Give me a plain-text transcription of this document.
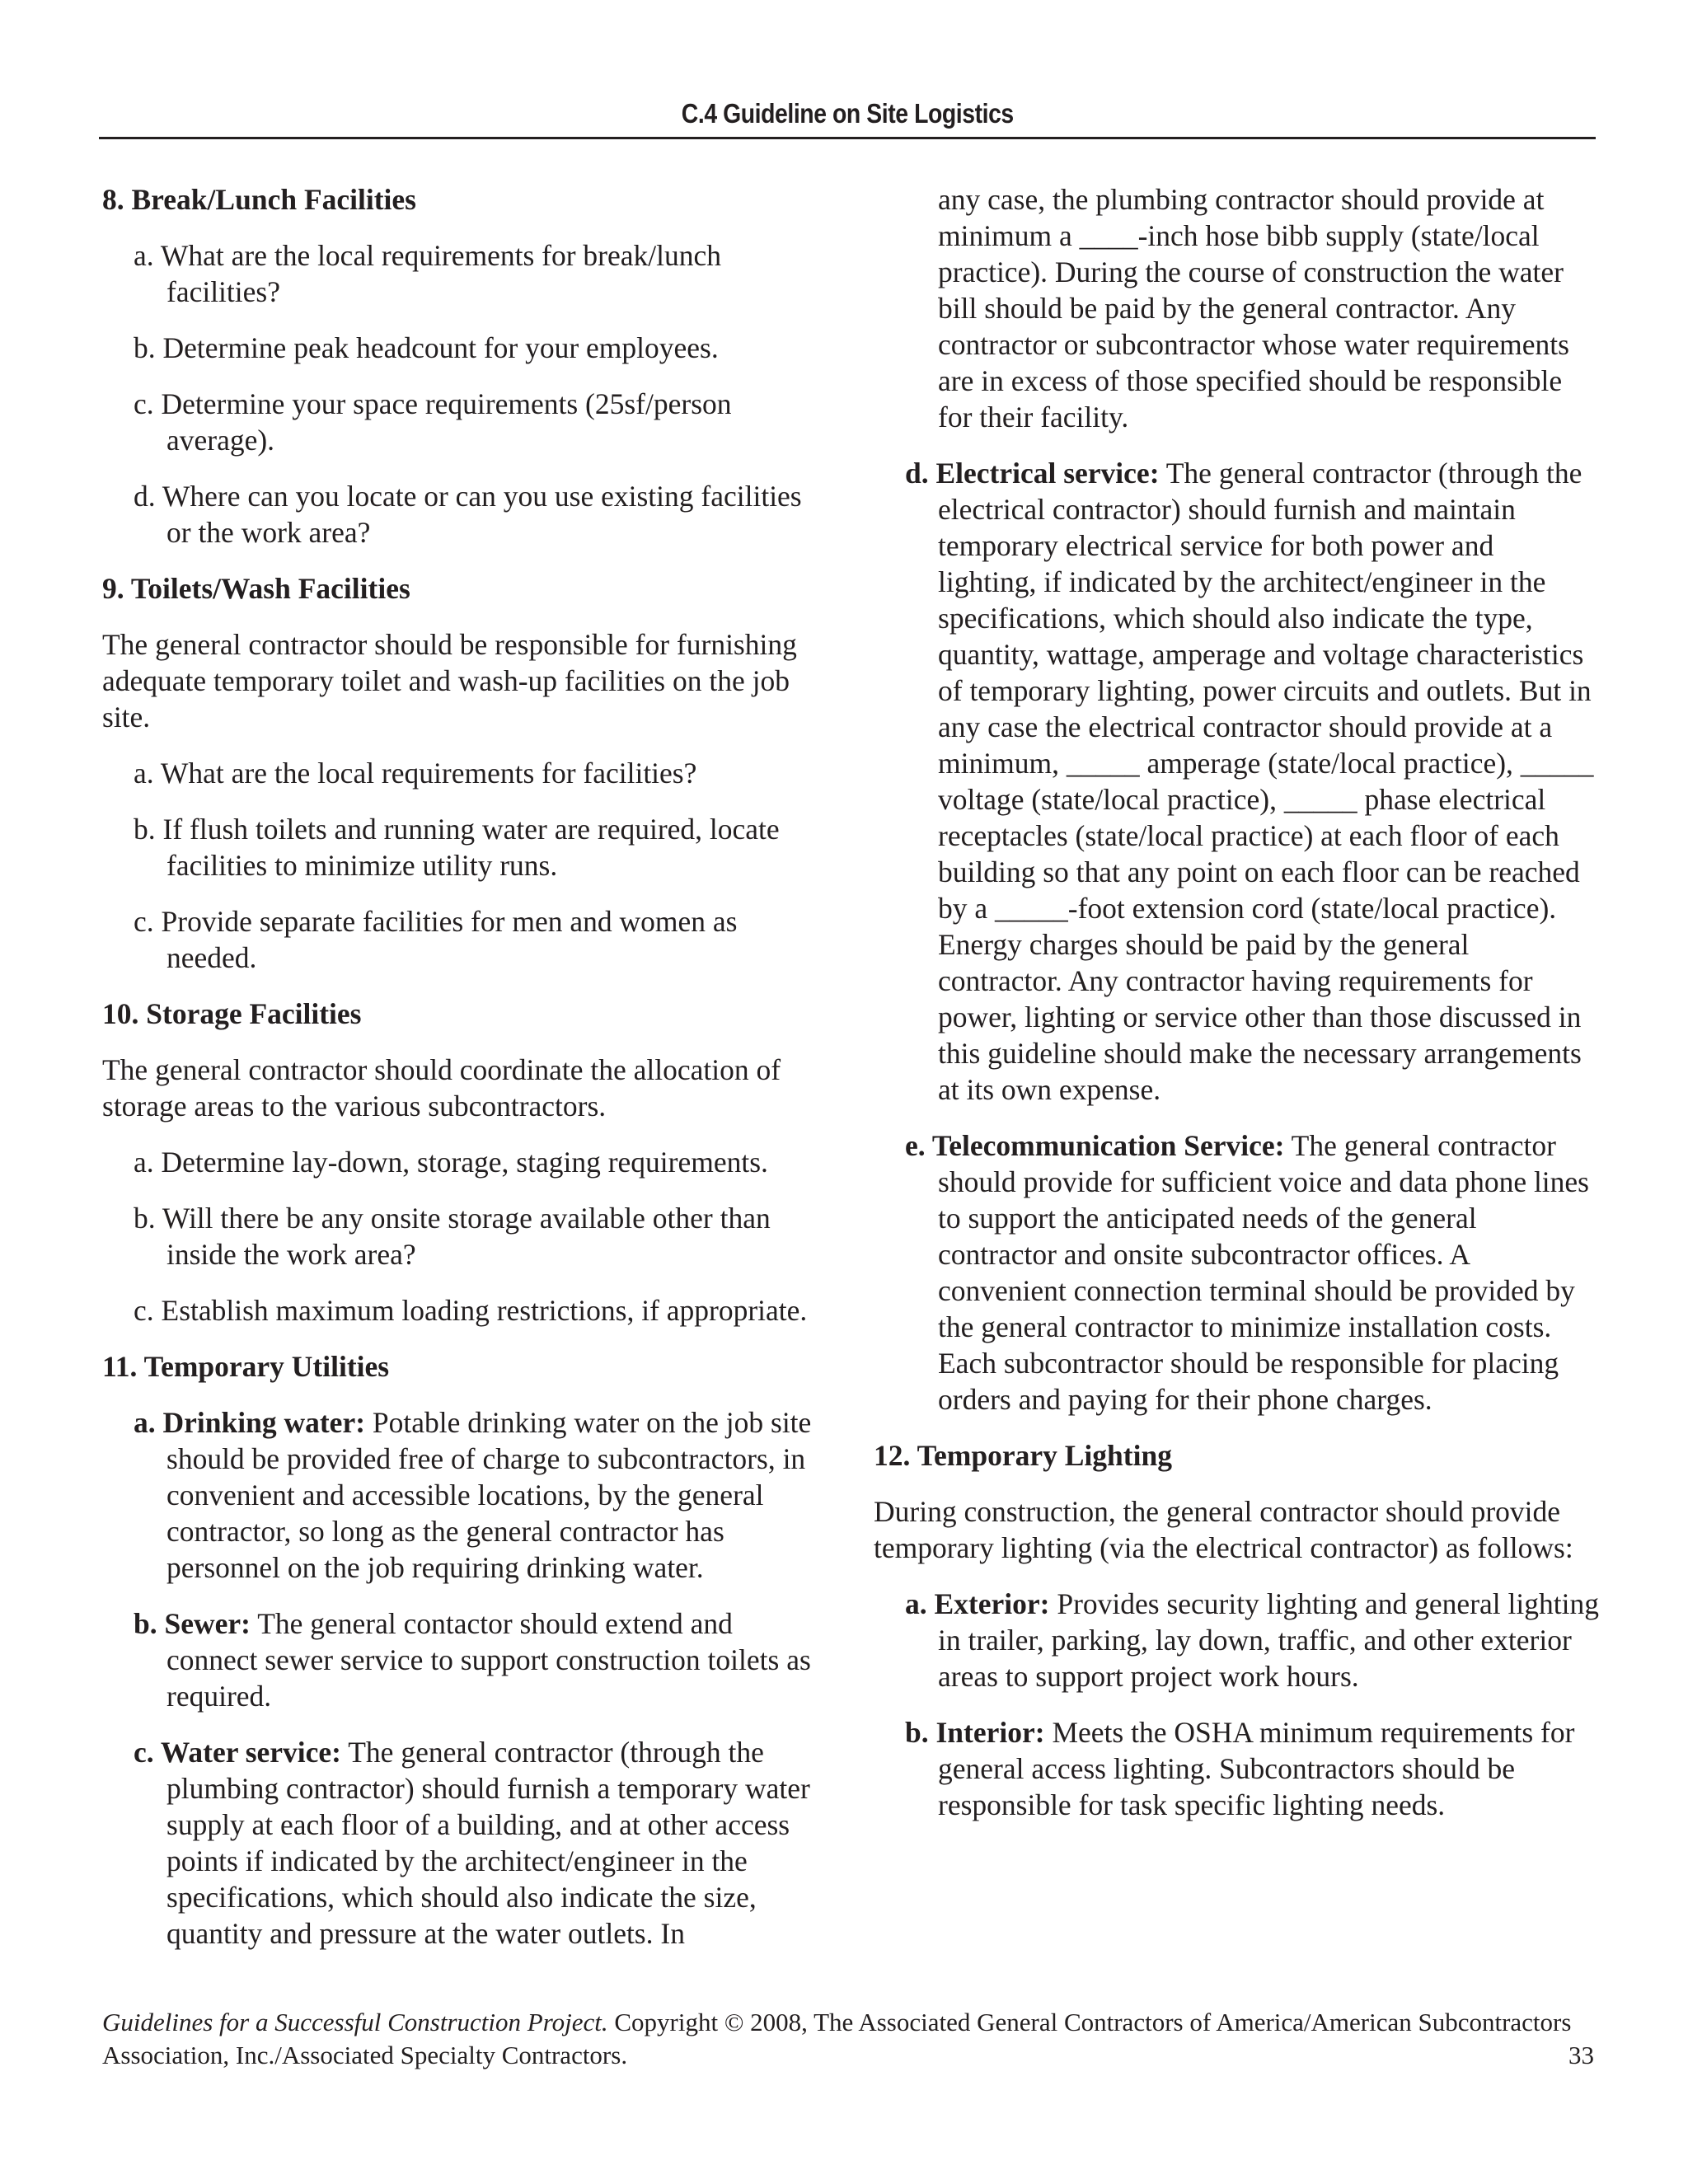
C.4 Guideline on Site Logistics
8. Break/Lunch Facilities
a. What are the local requirements for break/lunch facilities?
b. Determine peak headcount for your employees.
c. Determine your space requirements (25sf/person average).
d. Where can you locate or can you use existing facilities or the work area?
9. Toilets/Wash Facilities
The general contractor should be responsible for furnishing adequate temporary toilet and wash-up facilities on the job site.
a. What are the local requirements for facilities?
b. If flush toilets and running water are required, locate facilities to minimize utility runs.
c. Provide separate facilities for men and women as needed.
10. Storage Facilities
The general contractor should coordinate the allocation of storage areas to the various subcontractors.
a. Determine lay-down, storage, staging requirements.
b. Will there be any onsite storage available other than inside the work area?
c. Establish maximum loading restrictions, if appropriate.
11. Temporary Utilities
a. Drinking water: Potable drinking water on the job site should be provided free of charge to subcontractors, in convenient and accessible locations, by the general contractor, so long as the general contractor has personnel on the job requiring drinking water.
b. Sewer: The general contactor should extend and connect sewer service to support construction toilets as required.
c. Water service: The general contractor (through the plumbing contractor) should furnish a temporary water supply at each floor of a building, and at other access points if indicated by the architect/engineer in the specifications, which should also indicate the size, quantity and pressure at the water outlets. In
any case, the plumbing contractor should provide at minimum a ____-inch hose bibb supply (state/local practice). During the course of construction the water bill should be paid by the general contractor. Any contractor or subcontractor whose water requirements are in excess of those specified should be responsible for their facility.
d. Electrical service: The general contractor (through the electrical contractor) should furnish and maintain temporary electrical service for both power and lighting, if indicated by the architect/engineer in the specifications, which should also indicate the type, quantity, wattage, amperage and voltage characteristics of temporary lighting, power circuits and outlets. But in any case the electrical contractor should provide at a minimum, _____ amperage (state/local practice), _____ voltage (state/local practice), _____ phase electrical receptacles (state/local practice) at each floor of each building so that any point on each floor can be reached by a _____-foot extension cord (state/local practice). Energy charges should be paid by the general contractor. Any contractor having requirements for power, lighting or service other than those discussed in this guideline should make the necessary arrangements at its own expense.
e. Telecommunication Service: The general contractor should provide for sufficient voice and data phone lines to support the anticipated needs of the general contractor and onsite subcontractor offices. A convenient connection terminal should be provided by the general contractor to minimize installation costs. Each subcontractor should be responsible for placing orders and paying for their phone charges.
12. Temporary Lighting
During construction, the general contractor should provide temporary lighting (via the electrical contractor) as follows:
a. Exterior: Provides security lighting and general lighting in trailer, parking, lay down, traffic, and other exterior areas to support project work hours.
b. Interior: Meets the OSHA minimum requirements for general access lighting. Subcontractors should be responsible for task specific lighting needs.
Guidelines for a Successful Construction Project. Copyright © 2008, The Associated General Contractors of America/American Subcontractors Association, Inc./Associated Specialty Contractors.	33
